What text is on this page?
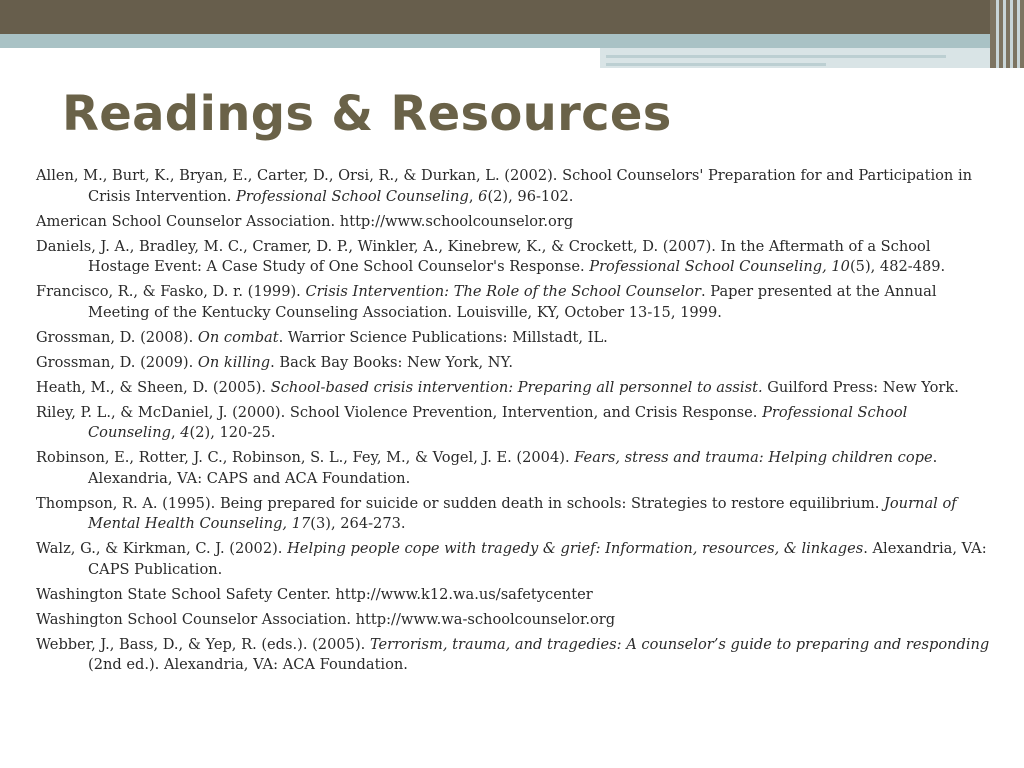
Readings & Resources
Allen, M., Burt, K., Bryan, E., Carter, D., Orsi, R., & Durkan, L. (2002). School Counselors' Preparation for and Participation in Crisis Intervention. Professional School Counseling, 6(2), 96-102.
American School Counselor Association. http://www.schoolcounselor.org
Daniels, J. A., Bradley, M. C., Cramer, D. P., Winkler, A., Kinebrew, K., & Crockett, D. (2007). In the Aftermath of a School Hostage Event: A Case Study of One School Counselor's Response. Professional School Counseling, 10(5), 482-489.
Francisco, R., & Fasko, D. r. (1999). Crisis Intervention: The Role of the School Counselor. Paper presented at the Annual Meeting of the Kentucky Counseling Association. Louisville, KY, October 13-15, 1999.
Grossman, D. (2008). On combat. Warrior Science Publications: Millstadt, IL.
Grossman, D. (2009). On killing. Back Bay Books: New York, NY.
Heath, M., & Sheen, D. (2005). School-based crisis intervention: Preparing all personnel to assist. Guilford Press: New York.
Riley, P. L., & McDaniel, J. (2000). School Violence Prevention, Intervention, and Crisis Response. Professional School Counseling, 4(2), 120-25.
Robinson, E., Rotter, J. C., Robinson, S. L., Fey, M., & Vogel, J. E. (2004). Fears, stress and trauma: Helping children cope. Alexandria, VA: CAPS and ACA Foundation.
Thompson, R. A. (1995). Being prepared for suicide or sudden death in schools: Strategies to restore equilibrium. Journal of Mental Health Counseling, 17(3), 264-273.
Walz, G., & Kirkman, C. J. (2002). Helping people cope with tragedy & grief: Information, resources, & linkages. Alexandria, VA: CAPS Publication.
Washington State School Safety Center. http://www.k12.wa.us/safetycenter
Washington School Counselor Association. http://www.wa-schoolcounselor.org
Webber, J., Bass, D., & Yep, R. (eds.). (2005). Terrorism, trauma, and tragedies: A counselor’s guide to preparing and responding (2nd ed.). Alexandria, VA: ACA Foundation.
